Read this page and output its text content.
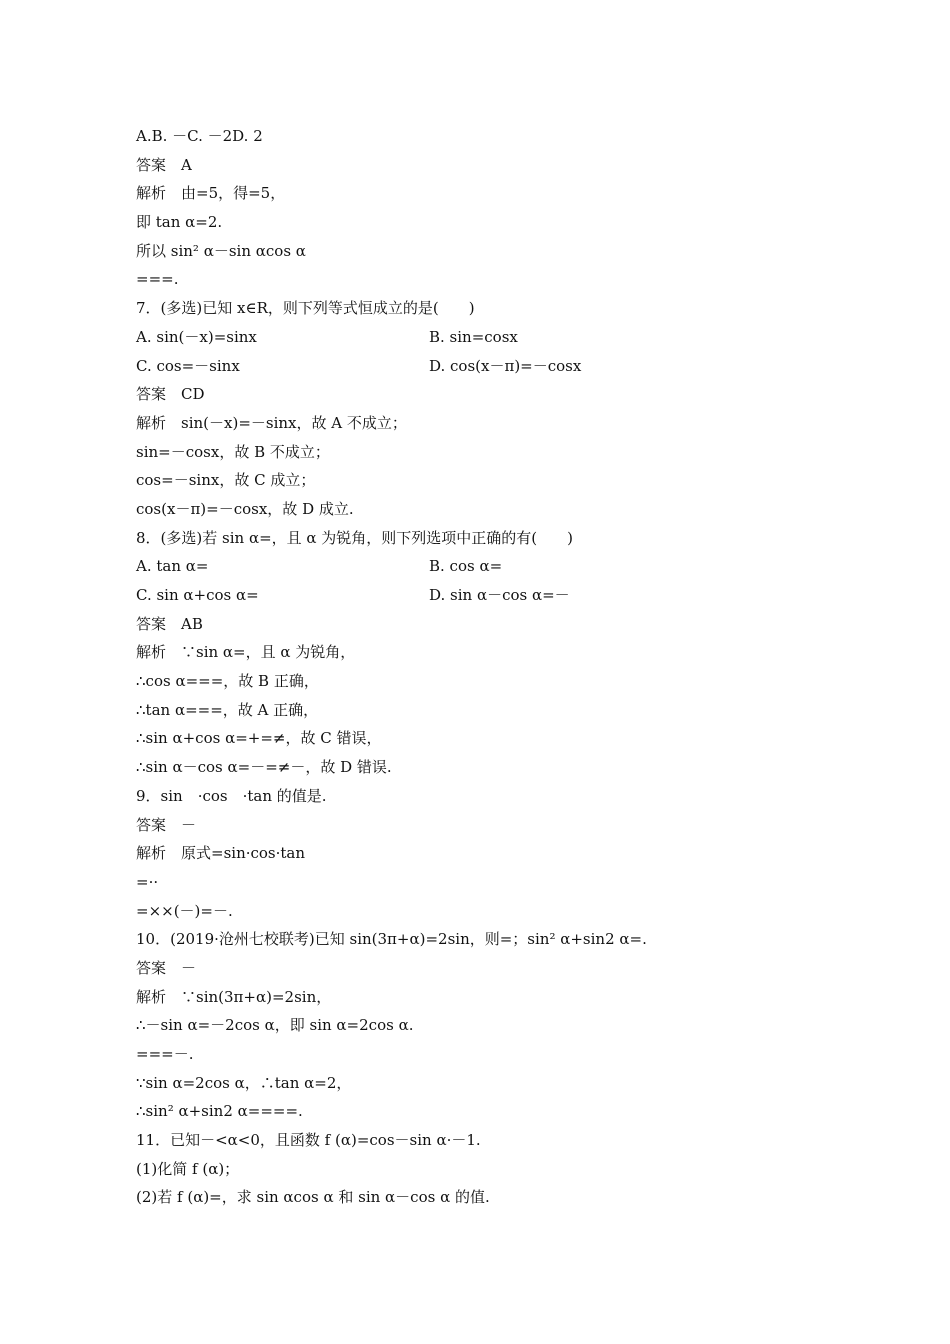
A.B. －C. －2D. 2
答案　A
解析　由=5，得=5，
即 tan α=2.
所以 sin² α－sin αcos α
===.
7．(多选)已知 x∈R，则下列等式恒成立的是(　　)
A. sin(－x)=sinx	B. sin=cosx
C. cos=－sinx	D. cos(x－π)=－cosx
答案　CD
解析　sin(－x)=－sinx，故 A 不成立；
sin=－cosx，故 B 不成立；
cos=－sinx，故 C 成立；
cos(x－π)=－cosx，故 D 成立.
8．(多选)若 sin α=，且 α 为锐角，则下列选项中正确的有(　　)
A. tan α=	B. cos α=
C. sin α+cos α=	D. sin α－cos α=－
答案　AB
解析　∵sin α=，且 α 为锐角，
∴cos α===，故 B 正确，
∴tan α===，故 A 正确，
∴sin α+cos α=+=≠，故 C 错误，
∴sin α－cos α=－=≠－，故 D 错误.
9．sin　·cos　·tan 的值是.
答案　－
解析　原式=sin·cos·tan
=··
=××(－)=－.
10．(2019·沧州七校联考)已知 sin(3π+α)=2sin，则=；sin² α+sin2 α=.
答案　－
解析　∵sin(3π+α)=2sin，
∴－sin α=－2cos α，即 sin α=2cos α.
===－.
∵sin α=2cos α，∴tan α=2，
∴sin² α+sin2 α====.
11．已知－<α<0，且函数 f (α)=cos－sin α·－1.
(1)化简 f (α)；
(2)若 f (α)=，求 sin αcos α 和 sin α－cos α 的值.
